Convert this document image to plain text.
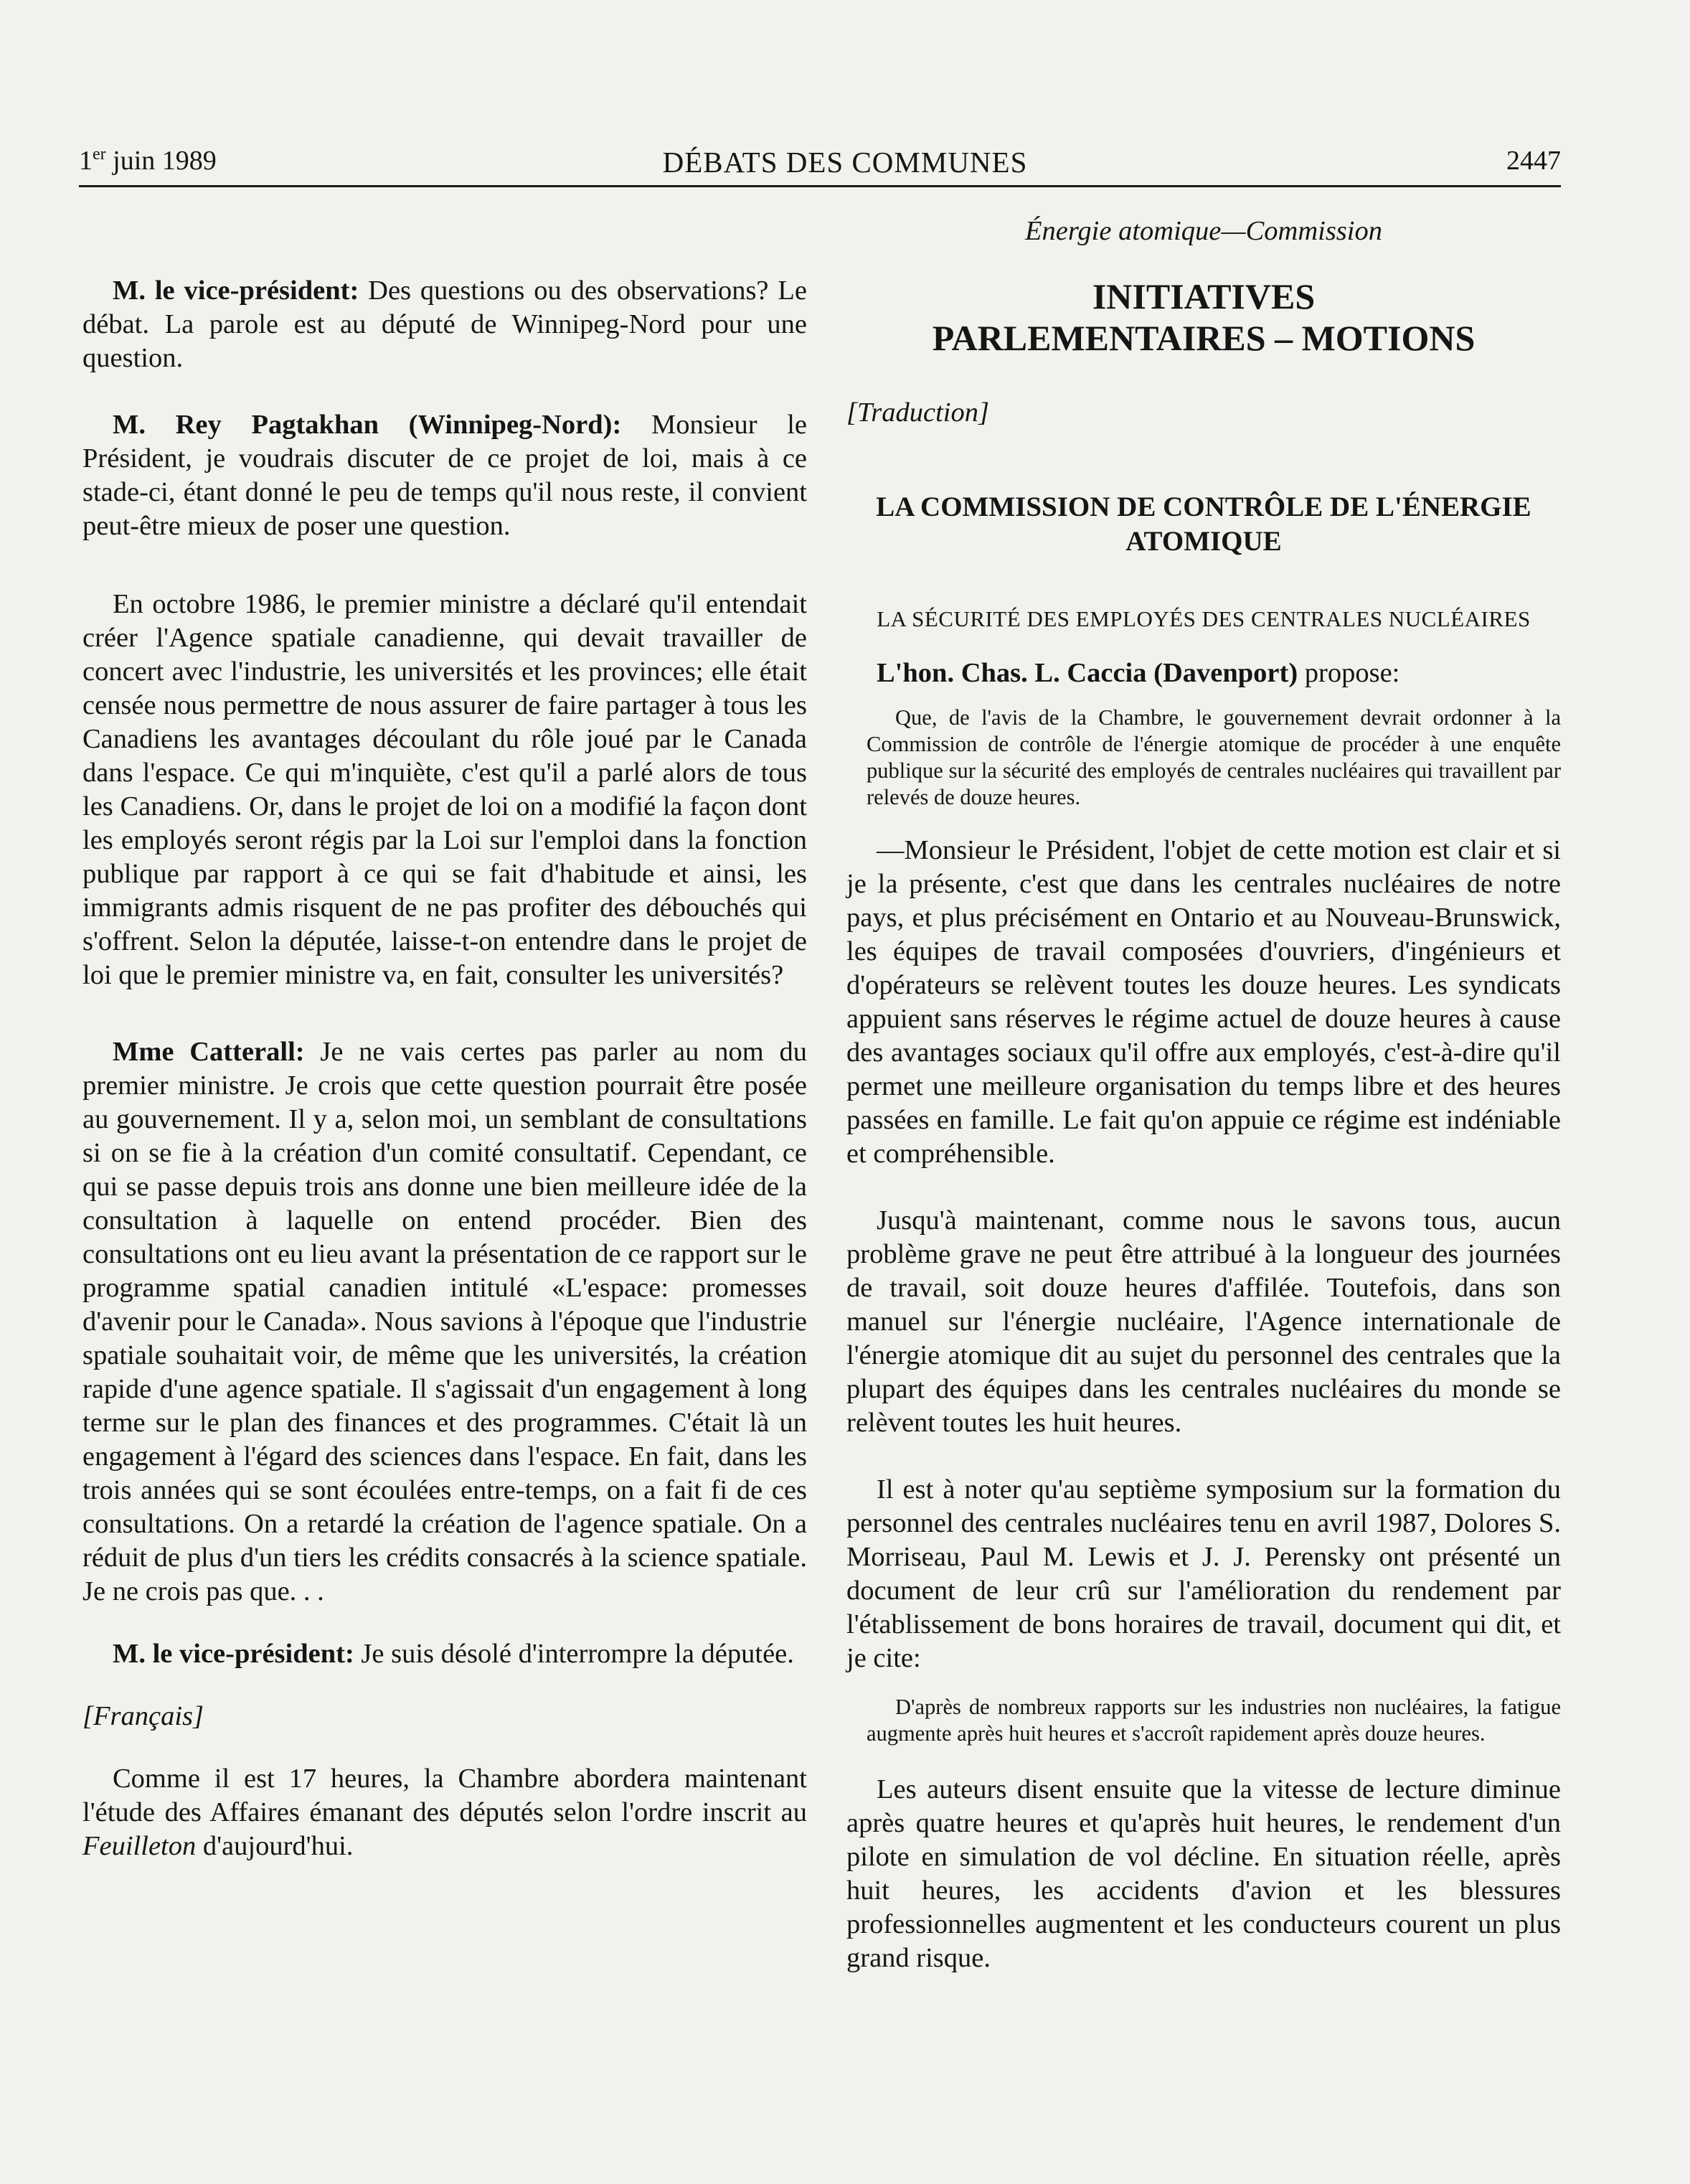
1er juin 1989	DÉBATS DES COMMUNES	2447

M. le vice-président: Des questions ou des observations? Le débat. La parole est au député de Winnipeg-Nord pour une question.

M. Rey Pagtakhan (Winnipeg-Nord): Monsieur le Président, je voudrais discuter de ce projet de loi, mais à ce stade-ci, étant donné le peu de temps qu'il nous reste, il convient peut-être mieux de poser une question.

En octobre 1986, le premier ministre a déclaré qu'il entendait créer l'Agence spatiale canadienne, qui devait travailler de concert avec l'industrie, les universités et les provinces; elle était censée nous permettre de nous assurer de faire partager à tous les Canadiens les avantages découlant du rôle joué par le Canada dans l'espace. Ce qui m'inquiète, c'est qu'il a parlé alors de tous les Canadiens. Or, dans le projet de loi on a modifié la façon dont les employés seront régis par la Loi sur l'emploi dans la fonction publique par rapport à ce qui se fait d'habitude et ainsi, les immigrants admis risquent de ne pas profiter des débouchés qui s'offrent. Selon la députée, laisse-t-on entendre dans le projet de loi que le premier ministre va, en fait, consulter les universités?

Mme Catterall: Je ne vais certes pas parler au nom du premier ministre. Je crois que cette question pourrait être posée au gouvernement. Il y a, selon moi, un semblant de consultations si on se fie à la création d'un comité consultatif. Cependant, ce qui se passe depuis trois ans donne une bien meilleure idée de la consultation à laquelle on entend procéder. Bien des consultations ont eu lieu avant la présentation de ce rapport sur le programme spatial canadien intitulé «L'espace: promesses d'avenir pour le Canada». Nous savions à l'époque que l'industrie spatiale souhaitait voir, de même que les universités, la création rapide d'une agence spatiale. Il s'agissait d'un engagement à long terme sur le plan des finances et des programmes. C'était là un engagement à l'égard des sciences dans l'espace. En fait, dans les trois années qui se sont écoulées entre-temps, on a fait fi de ces consultations. On a retardé la création de l'agence spatiale. On a réduit de plus d'un tiers les crédits consacrés à la science spatiale. Je ne crois pas que. . .

M. le vice-président: Je suis désolé d'interrompre la députée.

[Français]

Comme il est 17 heures, la Chambre abordera maintenant l'étude des Affaires émanant des députés selon l'ordre inscrit au Feuilleton d'aujourd'hui.

Énergie atomique—Commission
INITIATIVES
PARLEMENTAIRES – MOTIONS

[Traduction]

LA COMMISSION DE CONTRÔLE DE L'ÉNERGIE ATOMIQUE
LA SÉCURITÉ DES EMPLOYÉS DES CENTRALES NUCLÉAIRES

L'hon. Chas. L. Caccia (Davenport) propose:

Que, de l'avis de la Chambre, le gouvernement devrait ordonner à la Commission de contrôle de l'énergie atomique de procéder à une enquête publique sur la sécurité des employés de centrales nucléaires qui travaillent par relevés de douze heures.

—Monsieur le Président, l'objet de cette motion est clair et si je la présente, c'est que dans les centrales nucléaires de notre pays, et plus précisément en Ontario et au Nouveau-Brunswick, les équipes de travail composées d'ouvriers, d'ingénieurs et d'opérateurs se relèvent toutes les douze heures. Les syndicats appuient sans réserves le régime actuel de douze heures à cause des avantages sociaux qu'il offre aux employés, c'est-à-dire qu'il permet une meilleure organisation du temps libre et des heures passées en famille. Le fait qu'on appuie ce régime est indéniable et compréhensible.

Jusqu'à maintenant, comme nous le savons tous, aucun problème grave ne peut être attribué à la longueur des journées de travail, soit douze heures d'affilée. Toutefois, dans son manuel sur l'énergie nucléaire, l'Agence internationale de l'énergie atomique dit au sujet du personnel des centrales que la plupart des équipes dans les centrales nucléaires du monde se relèvent toutes les huit heures.

Il est à noter qu'au septième symposium sur la formation du personnel des centrales nucléaires tenu en avril 1987, Dolores S. Morriseau, Paul M. Lewis et J. J. Perensky ont présenté un document de leur crû sur l'amélioration du rendement par l'établissement de bons horaires de travail, document qui dit, et je cite:

D'après de nombreux rapports sur les industries non nucléaires, la fatigue augmente après huit heures et s'accroît rapidement après douze heures.

Les auteurs disent ensuite que la vitesse de lecture diminue après quatre heures et qu'après huit heures, le rendement d'un pilote en simulation de vol décline. En situation réelle, après huit heures, les accidents d'avion et les blessures professionnelles augmentent et les conducteurs courent un plus grand risque.
